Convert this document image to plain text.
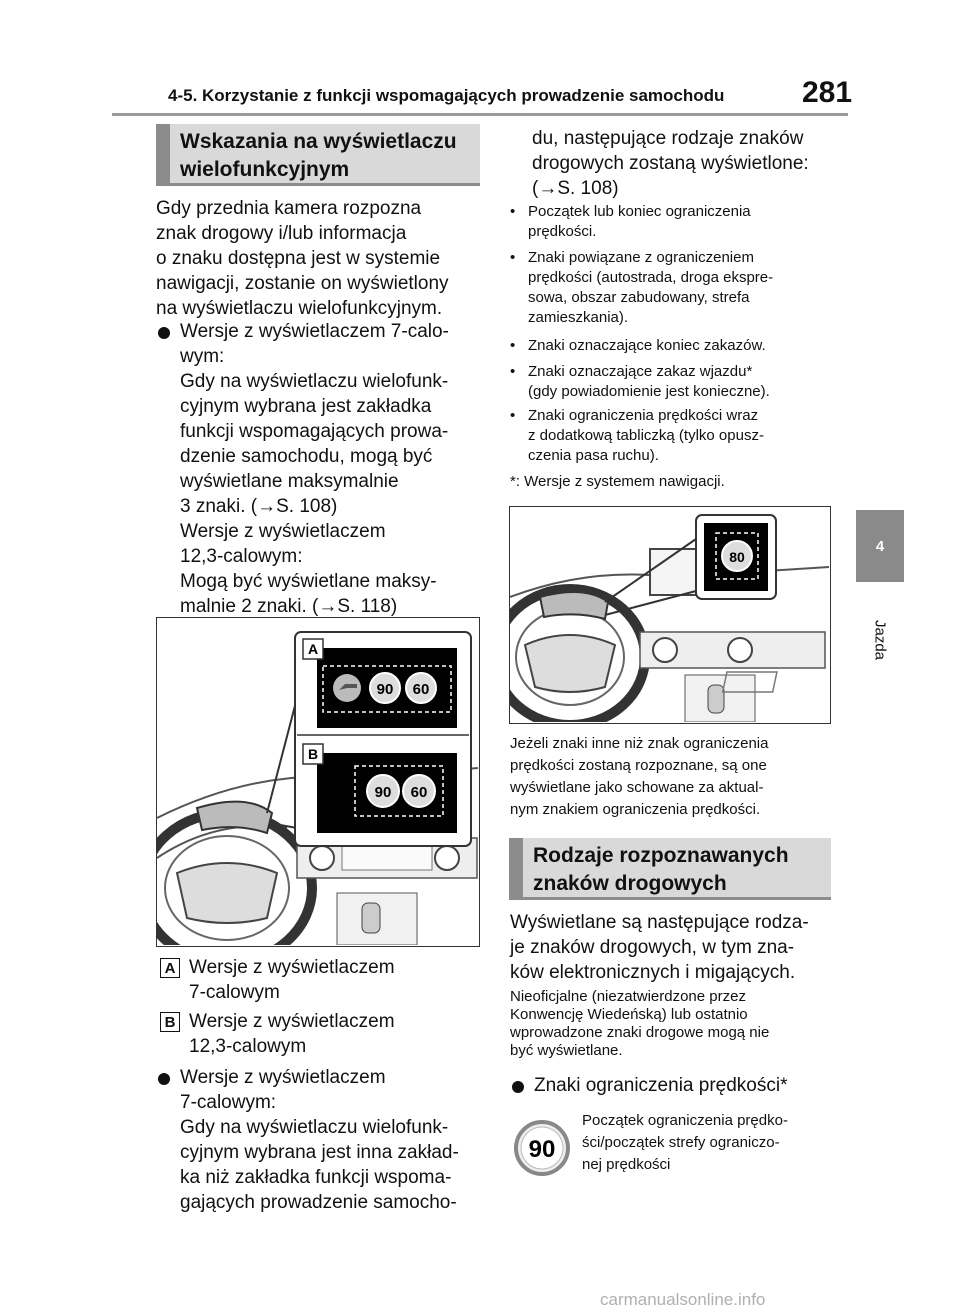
4-5. Korzystanie z funkcji wspomagających prowadzenie samochodu	281
4
Jazda
Wskazania na wyświetlaczu
wielofunkcyjnym
Gdy przednia kamera rozpozna
znak drogowy i/lub informacja
o znaku dostępna jest w systemie
nawigacji, zostanie on wyświetlony
na wyświetlaczu wielofunkcyjnym.
Wersje z wyświetlaczem 7-calo-
wym:
Gdy na wyświetlaczu wielofunk-
cyjnym wybrana jest zakładka
funkcji wspomagających prowa-
dzenie samochodu, mogą być
wyświetlane maksymalnie
3 znaki. (→S. 108)
Wersje z wyświetlaczem
12,3-calowym:
Mogą być wyświetlane maksy-
malnie 2 znaki. (→S. 118)
A
B
90 60
90 60
A Wersje z wyświetlaczem
7-calowym
B Wersje z wyświetlaczem
12,3-calowym
Wersje z wyświetlaczem
7-calowym:
Gdy na wyświetlaczu wielofunk-
cyjnym wybrana jest inna zakład-
ka niż zakładka funkcji wspoma-
gających prowadzenie samocho-
du, następujące rodzaje znaków
drogowych zostaną wyświetlone:
(→S. 108)
• Początek lub koniec ograniczenia
prędkości.
• Znaki powiązane z ograniczeniem
prędkości (autostrada, droga ekspre-
sowa, obszar zabudowany, strefa
zamieszkania).
• Znaki oznaczające koniec zakazów.
• Znaki oznaczające zakaz wjazdu*
(gdy powiadomienie jest konieczne).
• Znaki ograniczenia prędkości wraz
z dodatkową tabliczką (tylko opusz-
czenia pasa ruchu).
*: Wersje z systemem nawigacji.
80
Jeżeli znaki inne niż znak ograniczenia
prędkości zostaną rozpoznane, są one
wyświetlane jako schowane za aktual-
nym znakiem ograniczenia prędkości.
Rodzaje rozpoznawanych
znaków drogowych
Wyświetlane są następujące rodza-
je znaków drogowych, w tym zna-
ków elektronicznych i migających.
Nieoficjalne (niezatwierdzone przez
Konwencję Wiedeńską) lub ostatnio
wprowadzone znaki drogowe mogą nie
być wyświetlane.
Znaki ograniczenia prędkości*
90
Początek ograniczenia prędko-
ści/początek strefy ograniczo-
nej prędkości
carmanualsonline.info
